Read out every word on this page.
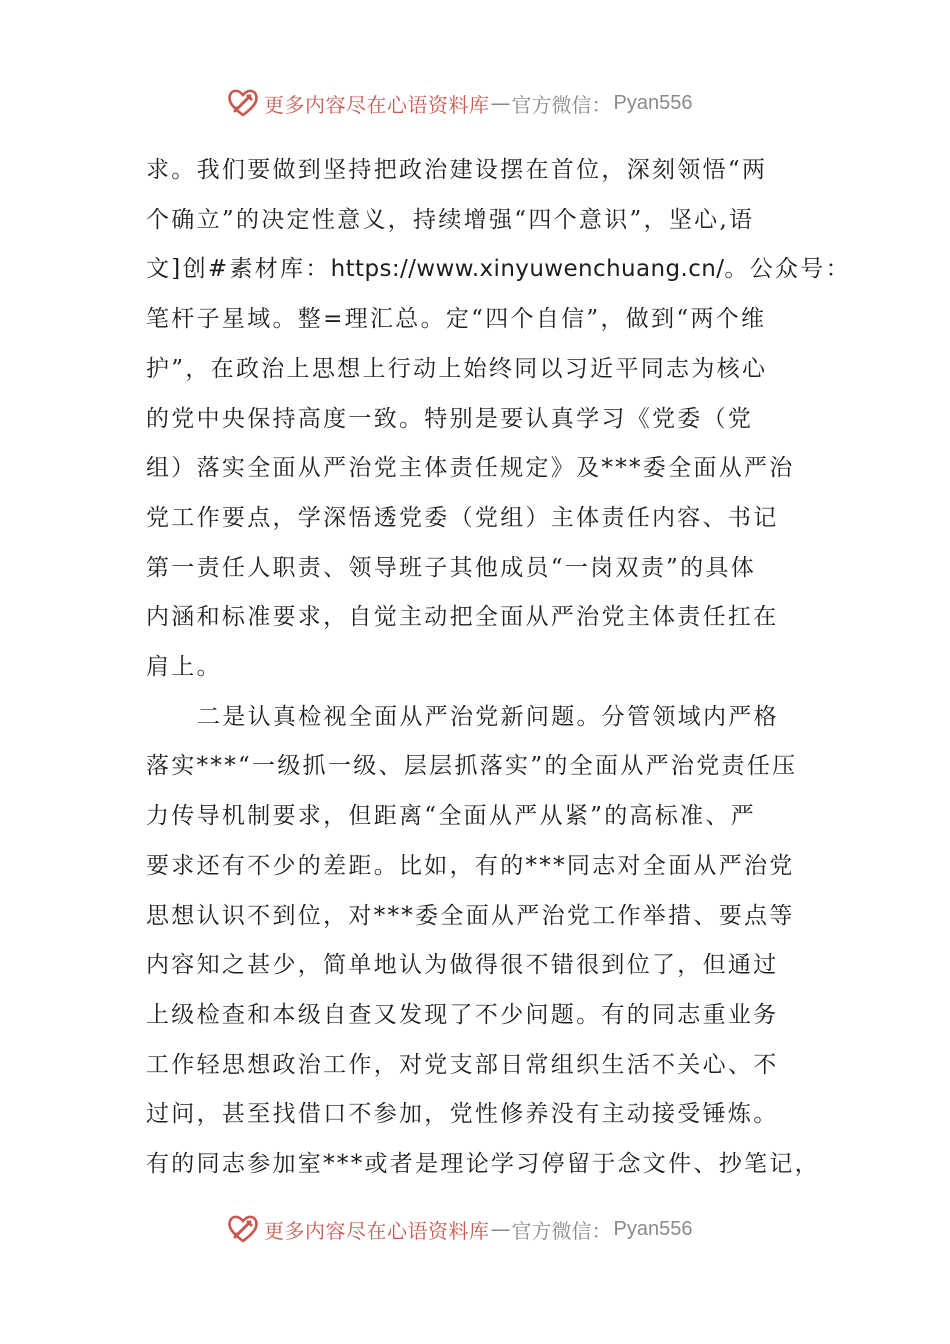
更多内容尽在心语资料库 — 官方微信： Pyan556

求。我们要做到坚持把政治建设摆在首位，深刻领悟“两

个确立”的决定性意义，持续增强“四个意识”，坚心,语

文]创#素材库：https://www.xinyuwenchuang.cn/。公众号：

笔杆子星域。整=理汇总。定“四个自信”，做到“两个维

护”，在政治上思想上行动上始终同以习近平同志为核心

的党中央保持高度一致。特别是要认真学习《党委（党

组）落实全面从严治党主体责任规定》及***委全面从严治

党工作要点，学深悟透党委（党组）主体责任内容、书记

第一责任人职责、领导班子其他成员“一岗双责”的具体

内涵和标准要求，自觉主动把全面从严治党主体责任扛在

肩上。

二是认真检视全面从严治党新问题。分管领域内严格

落实***“一级抓一级、层层抓落实”的全面从严治党责任压

力传导机制要求，但距离“全面从严从紧”的高标准、严

要求还有不少的差距。比如，有的***同志对全面从严治党

思想认识不到位，对***委全面从严治党工作举措、要点等

内容知之甚少，简单地认为做得很不错很到位了，但通过

上级检查和本级自查又发现了不少问题。有的同志重业务

工作轻思想政治工作，对党支部日常组织生活不关心、不

过问，甚至找借口不参加，党性修养没有主动接受锤炼。

有的同志参加室***或者是理论学习停留于念文件、抄笔记，

更多内容尽在心语资料库 — 官方微信： Pyan556
